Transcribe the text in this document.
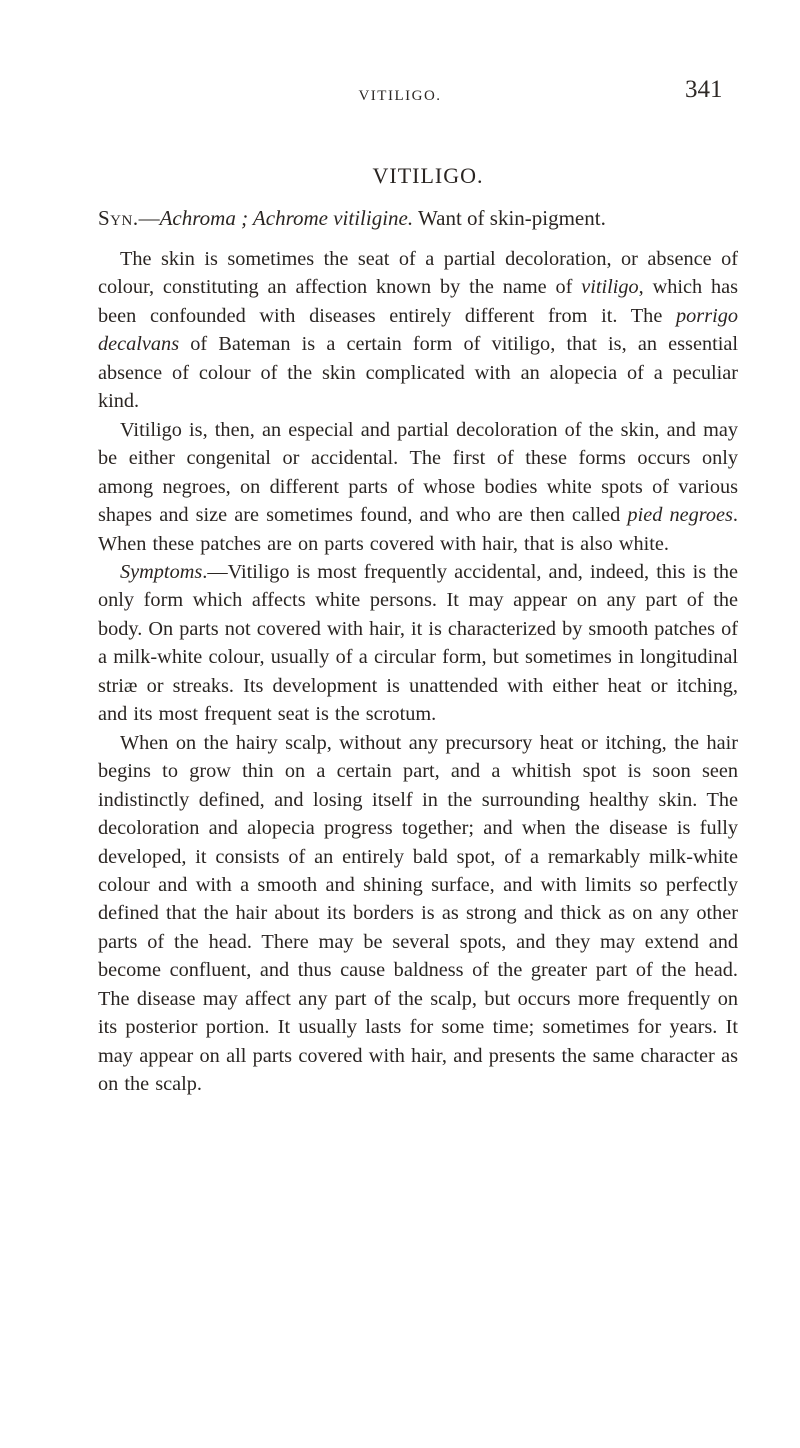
VITILIGO.	341
VITILIGO.
Syn.—Achroma ; Achrome vitiligine. Want of skin-pigment.

The skin is sometimes the seat of a partial decoloration, or absence of colour, constituting an affection known by the name of vitiligo, which has been confounded with diseases entirely different from it. The porrigo decalvans of Bateman is a certain form of vitiligo, that is, an essential absence of colour of the skin complicated with an alopecia of a peculiar kind.

Vitiligo is, then, an especial and partial decoloration of the skin, and may be either congenital or accidental. The first of these forms occurs only among negroes, on different parts of whose bodies white spots of various shapes and size are sometimes found, and who are then called pied negroes. When these patches are on parts covered with hair, that is also white.

Symptoms.—Vitiligo is most frequently accidental, and, indeed, this is the only form which affects white persons. It may appear on any part of the body. On parts not covered with hair, it is characterized by smooth patches of a milk-white colour, usually of a circular form, but sometimes in longitudinal striæ or streaks. Its development is unattended with either heat or itching, and its most frequent seat is the scrotum.

When on the hairy scalp, without any precursory heat or itching, the hair begins to grow thin on a certain part, and a whitish spot is soon seen indistinctly defined, and losing itself in the surrounding healthy skin. The decoloration and alopecia progress together; and when the disease is fully developed, it consists of an entirely bald spot, of a remarkably milk-white colour and with a smooth and shining surface, and with limits so perfectly defined that the hair about its borders is as strong and thick as on any other parts of the head. There may be several spots, and they may extend and become confluent, and thus cause baldness of the greater part of the head. The disease may affect any part of the scalp, but occurs more frequently on its posterior portion. It usually lasts for some time; sometimes for years. It may appear on all parts covered with hair, and presents the same character as on the scalp.
